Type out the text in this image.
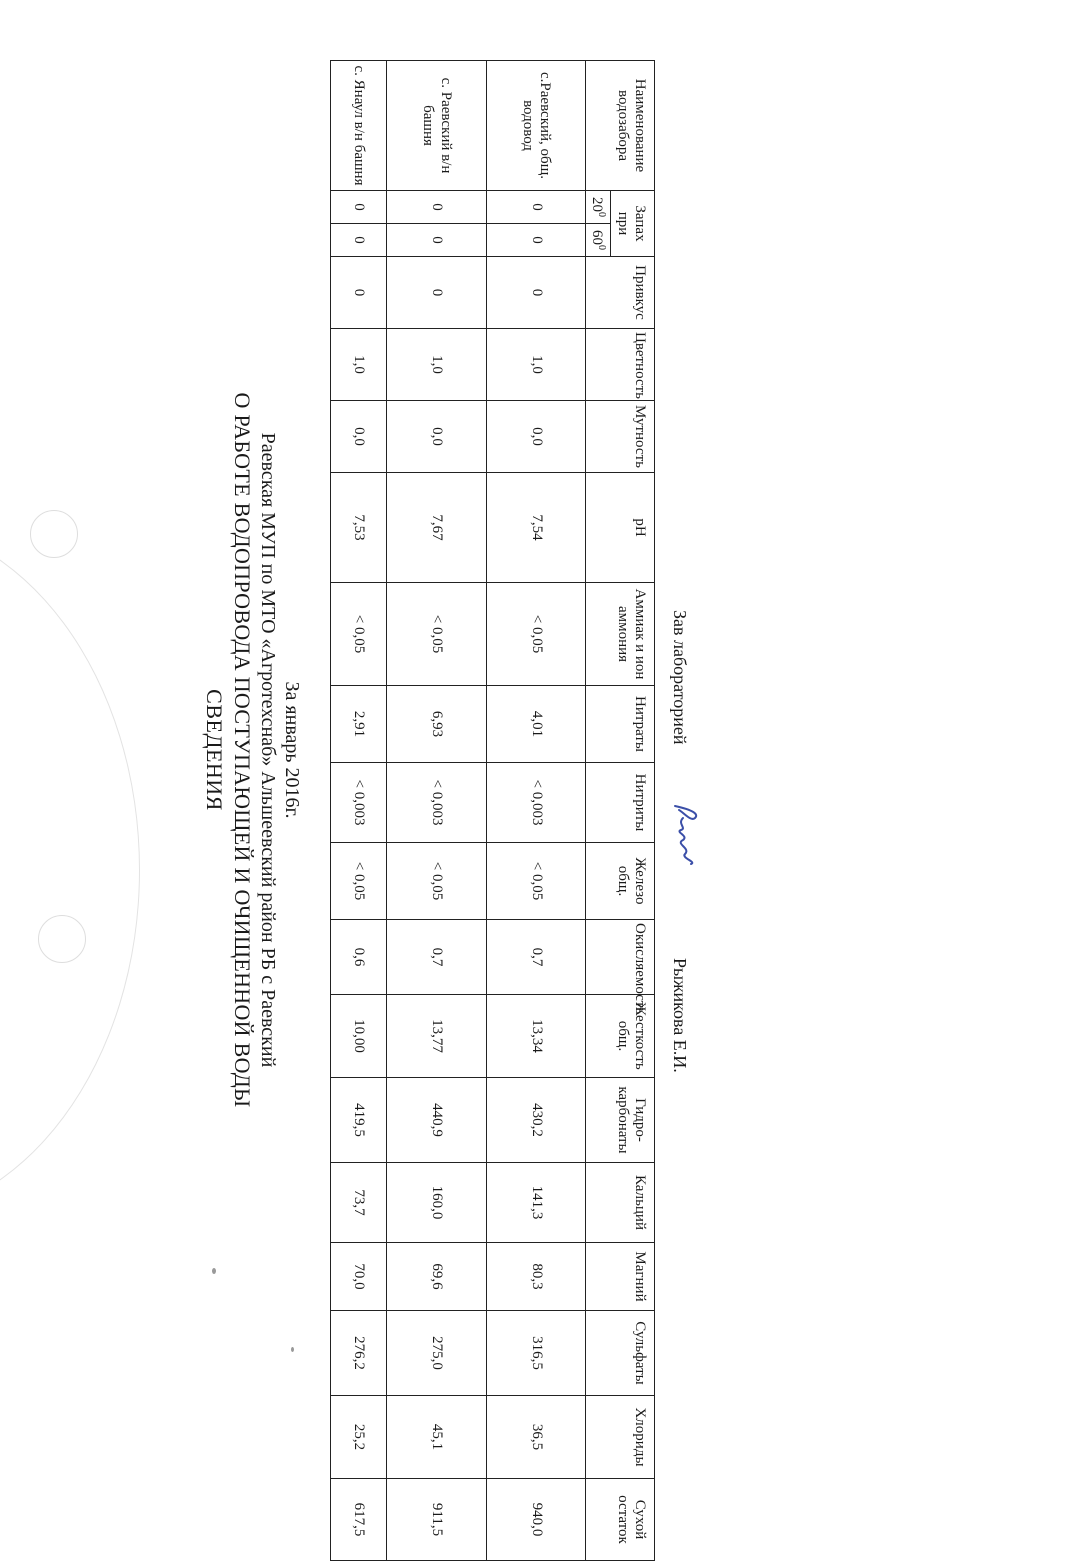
СВЕДЕНИЯ О РАБОТЕ ВОДОПРОВОДА ПОСТУПАЮЩЕЙ И ОЧИЩЕННОЙ ВОДЫ Раевская МУП по МТО «Агротехснаб» Альшеевский район РБ с Раевский За январь 2016г.
Наименование водозабора	Запах при		Привкус	Цветность	Мутность	pH	Аммиак и ион аммония	Нитраты	Нитриты	Железо общ.	Окисляемость	Жесткость общ.	Гидро-карбонаты	Кальций	Магний	Сульфаты	Хлориды	Сухой остаток
	$20^0$	$60^0$
с.Раевский, общ. водовод	0	0	0	1,0	0,0	7,54	< 0,05	4,01	< 0,003	< 0,05	0,7	13,34	430,2	141,3	80,3	316,5	36,5	940,0
с. Раевский в/н башня	0	0	0	1,0	0,0	7,67	< 0,05	6,93	< 0,003	< 0,05	0,7	13,77	440,9	160,0	69,6	275,0	45,1	911,5
с. Янаул в/н башня	0	0	0	1,0	0,0	7,53	< 0,05	2,91	< 0,003	< 0,05	0,6	10,00	419,5	73,7	70,0	276,2	25,2	617,5
Зав лабораторией
Рыжикова Е.И.
